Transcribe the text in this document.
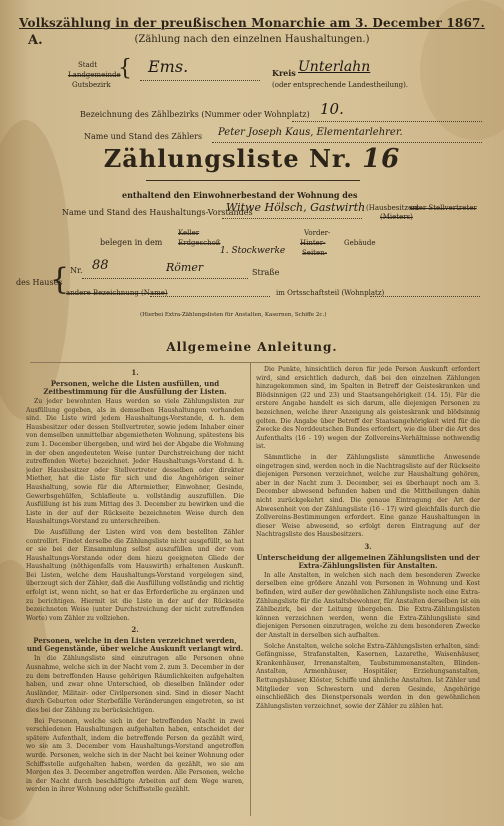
Volkszählung in der preußischen Monarchie am 3. December 1867.
(Zählung nach den einzelnen Haushaltungen.)
A.
Stadt
Landgemeinde
Gutsbezirk
{ Ems.	Kreis Unterlahn
(oder entsprechende Landestheilung).
Bezeichnung des Zählbezirks (Nummer oder Wohnplatz) 10.
Name und Stand des Zählers Peter Joseph Kaus, Elementarlehrer.
Zählungsliste Nr. 16
enthaltend den Einwohnerbestand der Wohnung des
Name und Stand des Haushaltungs-Vorstandes
Witwe Hölsch, Gastwirth (Hausbesitzers
oder Stellvertreter
(Mieters)
Keller
belegen in dem Erdgeschoß
1. Stockwerke
Vorder-
Hinter-
Seiten-
Gebäude
{
des Hauses
Nr. 88	Römer	Straße
andere Bezeichnung (Name)	im Ortsschaftsteil (Wohnplatz)
(Hierbei Extra-Zählungslisten für Anstalten, Kasernen, Schiffe 2c.)
Allgemeine Anleitung.
1.
Personen, welche die Listen ausfüllen, und Zeitbestimmung für die Ausfüllung der Listen.

Zu jeder bewohnten Haus werden so viele Zählungslisten zur Ausfüllung gegeben, als in demselben Haushaltungen vorhanden sind. Die Liste wird jedem Haushaltungs-Vorstande, d. h. dem Hausbesitzer oder dessen Stellvertreter, sowie jedem Inhaber einer von demselben unmittelbar abgemietheten Wohnung, spätestens bis zum 1. December übergeben, und wird bei der Abgabe die Wohnung in der oben angedeuteten Weise (unter Durchstreichung der nicht zutreffenden Worte) bezeichnet. Jeder Haushaltungs-Vorstand d. h. jeder Hausbesitzer oder Stellvertreter desselben oder direkter Miether, hat die Liste für sich und die Angehörigen seiner Haushaltung, sowie für die Aftermiether, Einwohner, Gesinde, Gewerbsgehülfen, Schlafleute u. vollständig auszufüllen. Die Ausfüllung ist bis zum Mittag des 3. December zu bewirken und die Liste in der auf der Rückseite bezeichneten Weise durch den Haushaltungs-Vorstand zu unterschreiben.

Die Ausfüllung der Listen wird von dem bestellten Zähler controllirt. Findet derselbe die Zählungsliste nicht ausgefüllt, so hat er sie bei der Einsammlung selbst auszufüllen und der vom Haushaltungs-Vorstande oder dem hiezu geeigneten Gliede der Haushaltung (nöthigenfalls vom Hauswirth) erhaltenen Auskunft. Bei Listen, welche dem Haushaltungs-Vorstand vorgelegen sind, überzeugt sich der Zähler, daß die Ausfüllung vollständig und richtig erfolgt ist, wenn nicht, so hat er das Erforderliche zu ergänzen und zu berichtigen. Hiermit ist die Liste in der auf der Rückseite bezeichneten Weise (unter Durchstreichung der nicht zutreffenden Worte) vom Zähler zu vollziehen.

2.
Personen, welche in den Listen verzeichnet werden, und Gegenstände, über welche Auskunft verlangt wird.

In die Zählungsliste sind einzutragen alle Personen ohne Ausnahme, welche sich in der Nacht vom 2. zum 3. December in der zu dem betreffenden Hause gehörigen Räumlichkeiten aufgehalten haben, und zwar ohne Unterschied, ob dieselben Inländer oder Ausländer, Militair- oder Civilpersonen sind. Sind in dieser Nacht durch Geburten oder Sterbefälle Veränderungen eingetreten, so ist dies bei der Zählung zu berücksichtigen.

Bei Personen, welche sich in der betreffenden Nacht in zwei verschiedenen Haushaltungen aufgehalten haben, entscheidet der spätere Aufenthalt, indem die betreffende Person da gezählt wird, wo sie am 3. December vom Haushaltungs-Vorstand angetroffen wurde. Personen, welche sich in der Nacht bei keiner Wohnung oder Schiffsstelle aufgehalten haben, werden da gezählt, wo sie am Morgen des 3. December angetroffen werden. Alle Personen, welche in der Nacht durch beschäftigte Arbeiten auf dem Wege waren, werden in ihrer Wohnung oder Schiffsstelle gezählt.

Die Punkte, hinsichtlich deren für jede Person Auskunft erfordert wird, sind ersichtlich dadurch, daß bei den einzelnen Zählungen hinzugekommen sind, im Spalten in Betreff der Geisteskranken und Blödsinnigen (22 und 23) und Staatsangehörigkeit (14. 15). Für die erstere Angabe handelt es sich darum, alle diejenigen Personen zu bezeichnen, welche ihrer Anzeigung als geisteskrank und blödsinnig gelten. Die Angabe über Betreff der Staatsangehörigkeit wird für die Zwecke des Norddeutschen Bundes erfordert, wie die über die Art des Aufenthalts (16 - 19) wegen der Zollvereins-Verhältnisse nothwendig ist.

Sämmtliche in der Zählungsliste sämmtliche Anwesende eingetragen sind, werden noch in die Nachtragsliste auf der Rückseite diejenigen Personen verzeichnet, welche zur Haushaltung gehören, aber in der Nacht zum 3. December, sei es überhaupt noch am 3. December abwesend befunden haben und die Mittheilungen dahin nicht zurückgekehrt sind. Die genaue Eintragung der Art der Abwesenheit von der Zählungsliste (16 - 17) wird gleichfalls durch die Zollvereins-Bestimmungen erfordert. Eine ganze Haushaltungen in dieser Weise abwesend, so erfolgt deren Eintragung auf der Nachtragsliste des Hausbesitzers.

3.
Unterscheidung der allgemeinen Zählungslisten und der Extra-Zählungslisten für Anstalten.

In alle Anstalten, in welchen sich nach dem besonderen Zwecke derselben eine größere Anzahl von Personen in Wohnung und Kost befinden, wird außer der gewöhnlichen Zählungsliste noch eine Extra-Zählungsliste für die Anstaltsbewohner, für Anstalten derselben ist ein Zählbezirk, bei der Leitung übergeben. Die Extra-Zählungslisten können verzeichnen werden, wenn die Extra-Zählungsliste sind diejenigen Personen einzutragen, welche zu dem besonderen Zwecke der Anstalt in derselben sich aufhalten.

Solche Anstalten, welche solche Extra-Zählungslisten erhalten, sind: Gefängnisse, Strafanstalten, Kasernen, Lazarethe, Waisenhäuser, Krankenhäuser, Irrenanstalten, Taubstummenanstalten, Blinden-Anstalten, Armenhäuser, Hospitäler, Erziehungsanstalten, Rettungshäuser, Klöster, Schiffe und ähnliche Anstalten. Ist Zähler und Mitglieder von Schwestern und deren Gesinde, Angehörige einschließlich des Dienstpersonals werden in den gewöhnlichen Zählungslisten verzeichnet, sowie der Zähler zu zählen hat.
